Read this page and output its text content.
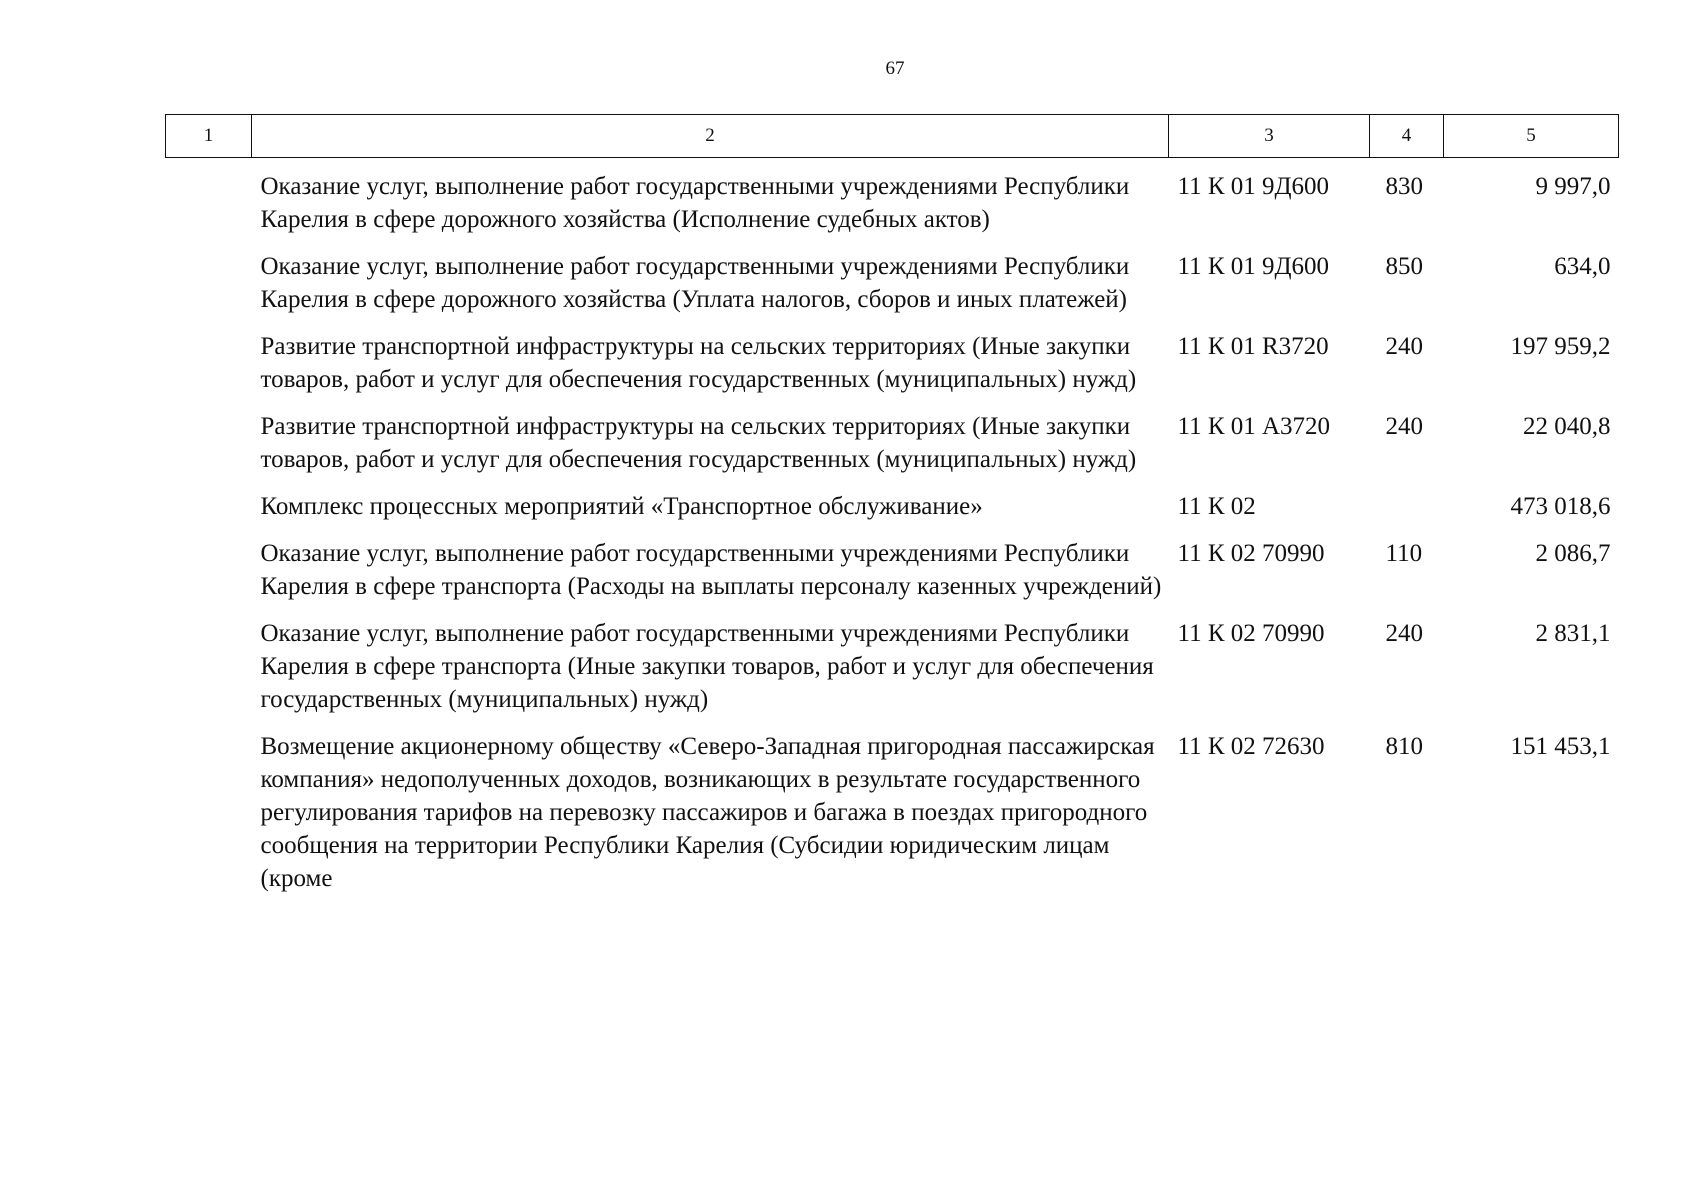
67
1	2	3	4	5
	Оказание услуг, выполнение работ государственными учреждениями Республики Карелия в сфере дорожного хозяйства (Исполнение судебных актов)	11 К 01 9Д600	830	9 997,0
	Оказание услуг, выполнение работ государственными учреждениями Республики Карелия в сфере дорожного хозяйства (Уплата налогов, сборов и иных платежей)	11 К 01 9Д600	850	634,0
	Развитие транспортной инфраструктуры на сельских территориях (Иные закупки товаров, работ и услуг для обеспечения государственных (муниципальных) нужд)	11 К 01 R3720	240	197 959,2
	Развитие транспортной инфраструктуры на сельских территориях (Иные закупки товаров, работ и услуг для обеспечения государственных (муниципальных) нужд)	11 К 01 А3720	240	22 040,8
	Комплекс процессных мероприятий «Транспортное обслуживание»	11 К 02		473 018,6
	Оказание услуг, выполнение работ государственными учреждениями Республики Карелия в сфере транспорта (Расходы на выплаты персоналу казенных учреждений)	11 К 02 70990	110	2 086,7
	Оказание услуг, выполнение работ государственными учреждениями Республики Карелия в сфере транспорта (Иные закупки товаров, работ и услуг для обеспечения государственных (муниципальных) нужд)	11 К 02 70990	240	2 831,1
	Возмещение акционерному обществу «Северо-Западная пригородная пассажирская компания» недополученных доходов, возникающих в результате государственного регулирования тарифов на перевозку пассажиров и багажа в поездах пригородного сообщения на территории Республики Карелия (Субсидии юридическим лицам (кроме	11 К 02 72630	810	151 453,1
